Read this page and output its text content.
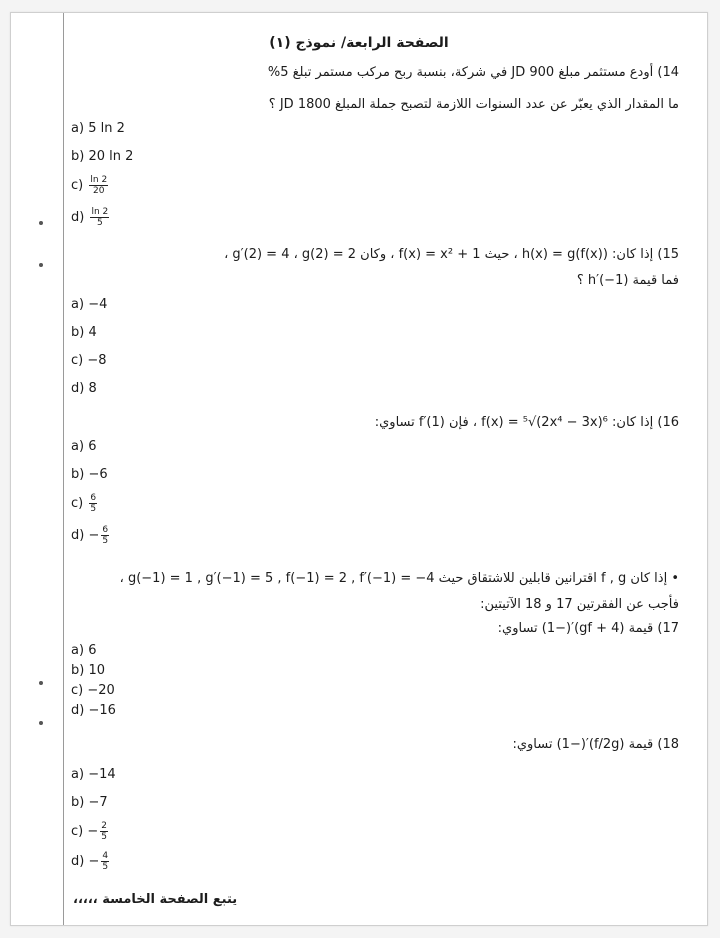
الصفحة الرابعة/ نموذج (١)
14) أودع مستثمر مبلغ 900 JD في شركة، بنسبة ربح مركب مستمر تبلغ 5%
ما المقدار الذي يعبّر عن عدد السنوات اللازمة لتصبح جملة المبلغ 1800 JD ؟
a) 5 ln 2
b) 20 ln 2
$c) \frac{\ln 2}{20}$
$d) \frac{\ln 2}{5}$
15) إذا كان: h(x) = g(f(x)) ، حيث f(x) = x² + 1 ، وكان g′(2) = 4 ، g(2) = 2 ،
فما قيمة h′(−1) ؟
a) −4
b) 4
c) −8
d) 8
16) إذا كان: f(x) = ⁵√(2x⁴ − 3x)⁶ ، فإن f′(1) تساوي:
a) 6
b) −6
$c) \frac{6}{5}$
$d) - \frac{6}{5}$
• إذا كان f , g اقترانين قابلين للاشتقاق حيث g(−1) = 1 , g′(−1) = 5 , f(−1) = 2 , f′(−1) = −4 ،
فأجب عن الفقرتين 17 و 18 الآتيتين:
17) قيمة (gf + 4)′(−1) تساوي:
a) 6
b) 10
c) −20
d) −16
18) قيمة (f/2g)′(−1) تساوي:
a) −14
b) −7
$c) - \frac{2}{5}$
$d) - \frac{4}{5}$
يتبع الصفحة الخامسة ،،،،،
